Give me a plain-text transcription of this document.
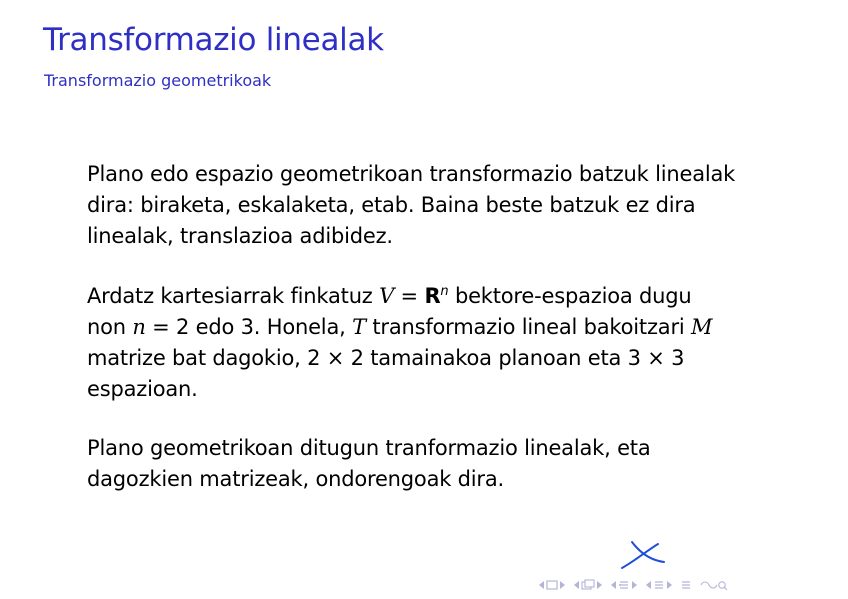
Transformazio linealak
Transformazio geometrikoak
Plano edo espazio geometrikoan transformazio batzuk linealak
dira: biraketa, eskalaketa, etab. Baina beste batzuk ez dira
linealak, translazioa adibidez.
Ardatz kartesiarrak finkatuz $V = R^n$ bektore-espazioa dugu
non n = 2 edo 3. Honela, T transformazio lineal bakoitzari M
matrize bat dagokio, 2 × 2 tamainakoa planoan eta 3 × 3
espazioan.
Plano geometrikoan ditugun tranformazio linealak, eta
dagozkien matrizeak, ondorengoak dira.
